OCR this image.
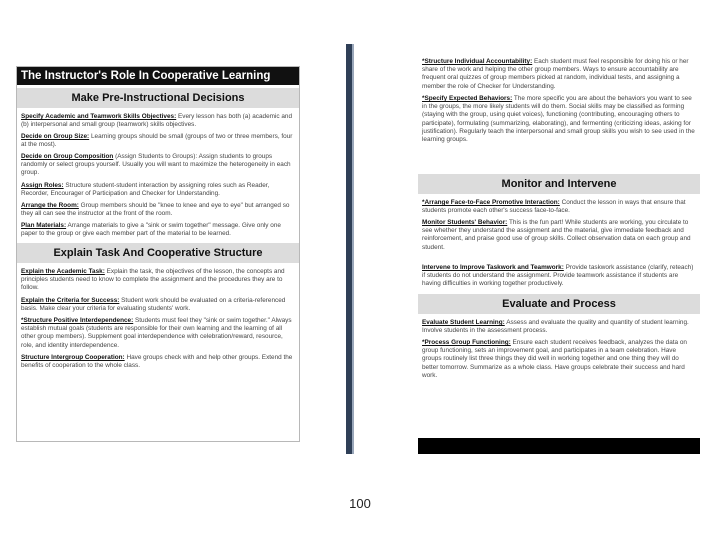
The Instructor's Role In Cooperative Learning
Make Pre-Instructional Decisions
Specify Academic and Teamwork Skills Objectives: Every lesson has both (a) academic and (b) interpersonal and small group (teamwork) skills objectives.
Decide on Group Size: Learning groups should be small (groups of two or three members, four at the most).
Decide on Group Composition (Assign Students to Groups): Assign students to groups randomly or select groups yourself. Usually you will want to maximize the heterogeneity in each group.
Assign Roles: Structure student-student interaction by assigning roles such as Reader, Recorder, Encourager of Participation and Checker for Understanding.
Arrange the Room: Group members should be "knee to knee and eye to eye" but arranged so they all can see the instructor at the front of the room.
Plan Materials: Arrange materials to give a "sink or swim together" message. Give only one paper to the group or give each member part of the material to be learned.
Explain Task And Cooperative Structure
Explain the Academic Task: Explain the task, the objectives of the lesson, the concepts and principles students need to know to complete the assignment and the procedures they are to follow.
Explain the Criteria for Success: Student work should be evaluated on a criteria-referenced basis. Make clear your criteria for evaluating students' work.
*Structure Positive Interdependence: Students must feel they "sink or swim together." Always establish mutual goals (students are responsible for their own learning and the learning of all other group members). Supplement goal interdependence with celebration/reward, resource, role, and identity interdependence.
Structure Intergroup Cooperation: Have groups check with and help other groups. Extend the benefits of cooperation to the whole class.
*Structure Individual Accountability: Each student must feel responsible for doing his or her share of the work and helping the other group members. Ways to ensure accountability are frequent oral quizzes of group members picked at random, individual tests, and assigning a member the role of Checker for Understanding.
*Specify Expected Behaviors: The more specific you are about the behaviors you want to see in the groups, the more likely students will do them. Social skills may be classified as forming (staying with the group, using quiet voices), functioning (contributing, encouraging others to participate), formulating (summarizing, elaborating), and fermenting (criticizing ideas, asking for justification). Regularly teach the interpersonal and small group skills you wish to see used in the learning groups.
Monitor and Intervene
*Arrange Face-to-Face Promotive Interaction: Conduct the lesson in ways that ensure that students promote each other's success face-to-face.
Monitor Students' Behavior: This is the fun part! While students are working, you circulate to see whether they understand the assignment and the material, give immediate feedback and reinforcement, and praise good use of group skills. Collect observation data on each group and student.
Intervene to Improve Taskwork and Teamwork: Provide taskwork assistance (clarify, reteach) if students do not understand the assignment. Provide teamwork assistance if students are having difficulties in working together productively.
Evaluate and Process
Evaluate Student Learning: Assess and evaluate the quality and quantity of student learning. Involve students in the assessment process.
*Process Group Functioning: Ensure each student receives feedback, analyzes the data on group functioning, sets an improvement goal, and participates in a team celebration. Have groups routinely list three things they did well in working together and one thing they will do better tomorrow. Summarize as a whole class. Have groups celebrate their success and hard work.
100
